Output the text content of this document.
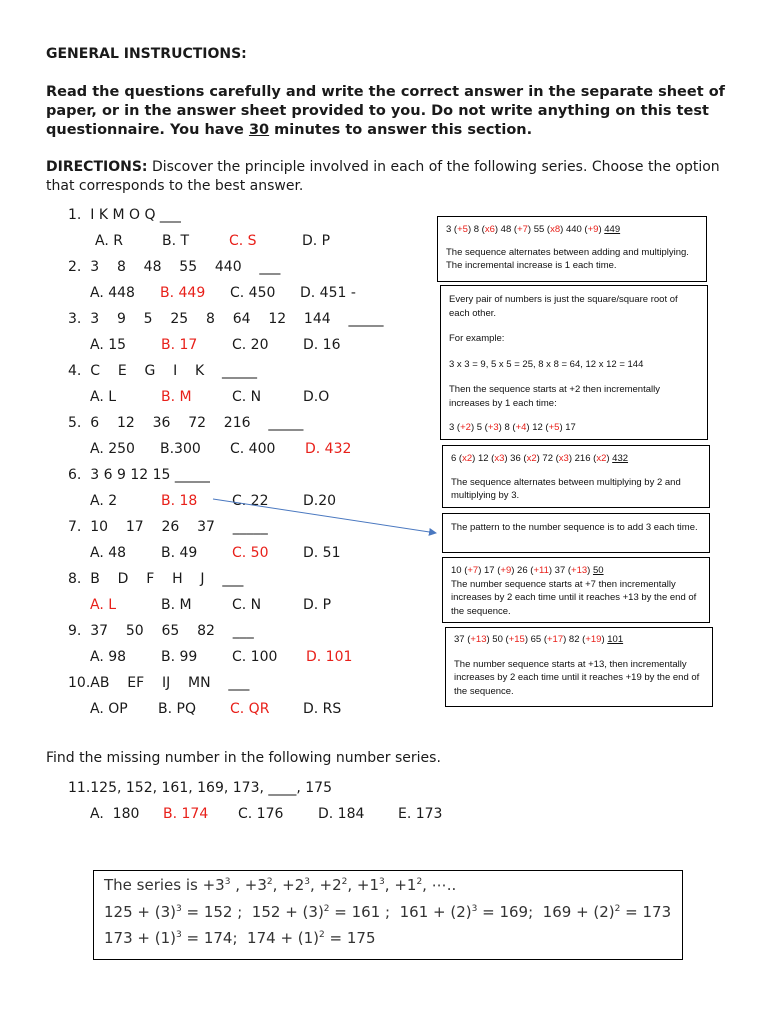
GENERAL INSTRUCTIONS:
Read the questions carefully and write the correct answer in the separate sheet of paper, or in the answer sheet provided to you. Do not write anything on this test questionnaire. You have 30 minutes to answer this section.
DIRECTIONS: Discover the principle involved in each of the following series. Choose the option that corresponds to the best answer.
1.  I K M O Q ___
A. R	B. T	C. S	D. P
2.  3    8    48    55    440    ___
A. 448 B. 449 C. 450 D. 451 -
3.  3    9    5    25    8    64    12    144    _____
A. 15 B. 17 C. 20 D. 16
4.  C    E    G    I    K    _____
A. L	B. M	C. N	D.O
5.  6    12    36    72    216    _____
A. 250 B.300 C. 400 D. 432
6.  3 6 9 12 15 _____
A. 2	B. 18 C. 22 D.20
7.  10    17    26    37    _____
A. 48 B. 49 C. 50 D. 51
8.  B    D    F    H    J    ___
A. L	B. M	C. N	D. P
9.  37    50    65    82    ___
A. 98 B. 99 C. 100 D. 101
10.AB    EF    IJ    MN    ___
A. OP B. PQ C. QR D. RS

3 (+5) 8 (x6) 48 (+7) 55 (x8) 440 (+9) 449

The sequence alternates between adding and multiplying. The incremental increase is 1 each time.

Every pair of numbers is just the square/square root of each other.

For example:

3 x 3 = 9, 5 x 5 = 25, 8 x 8 = 64, 12 x 12 = 144

Then the sequence starts at +2 then incrementally increases by 1 each time:

3 (+2) 5 (+3) 8 (+4) 12 (+5) 17

6 (x2) 12 (x3) 36 (x2) 72 (x3) 216 (x2) 432

The sequence alternates between multiplying by 2 and multiplying by 3.

The pattern to the number sequence is to add 3 each time.

10 (+7) 17 (+9) 26 (+11) 37 (+13) 50

The number sequence starts at +7 then incrementally increases by 2 each time until it reaches +13 by the end of the sequence.

37 (+13) 50 (+15) 65 (+17) 82 (+19) 101

The number sequence starts at +13, then incrementally increases by 2 each time until it reaches +19 by the end of the sequence.

Find the missing number in the following number series.
11.125, 152, 161, 169, 173, ____, 175
A.  180 B. 174 C. 176 D. 184 E. 173
The series is $+3^3$ , $+3^2$, $+2^3$, $+2^2$, $+1^3$, $+1^2$, ⋯..
$125 + (3)^3 = 152$ ;  $152 + (3)^2 = 161$ ;  $161 + (2)^3 = 169$;  $169 + (2)^2 = 173$
$173 + (1)^3 = 174$;  $174 + (1)^2 = 175$
